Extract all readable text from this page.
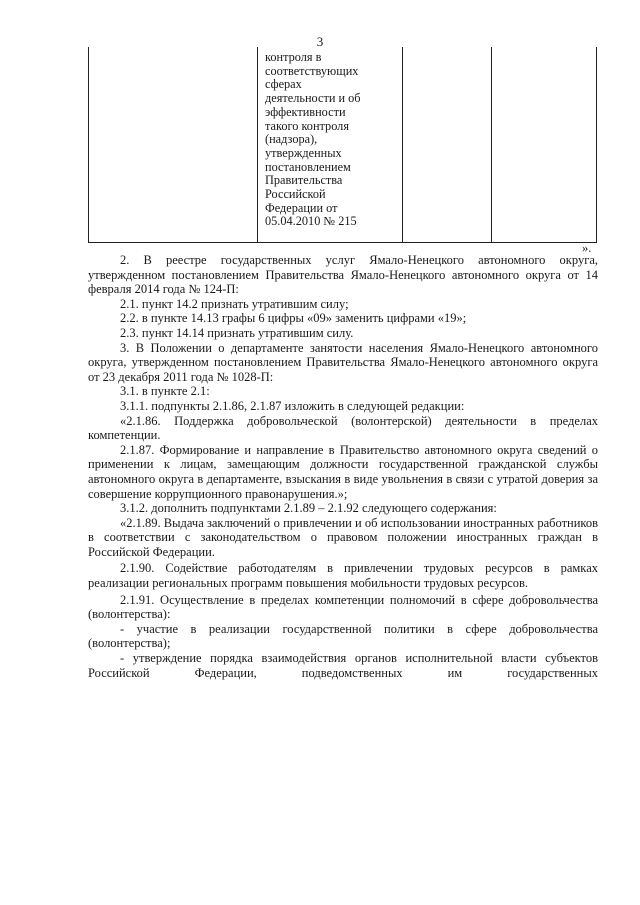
3
контроля в
соответствующих
сферах
деятельности и об
эффективности
такого контроля
(надзора),
утвержденных
постановлением
Правительства
Российской
Федерации от
05.04.2010 № 215
».

2. В реестре государственных услуг Ямало-Ненецкого автономного округа, утвержденном постановлением Правительства Ямало-Ненецкого автономного округа от 14 февраля 2014 года № 124-П:

2.1. пункт 14.2 признать утратившим силу;

2.2. в пункте 14.13 графы 6 цифры «09» заменить цифрами «19»;

2.3. пункт 14.14 признать утратившим силу.

3. В Положении о департаменте занятости населения Ямало-Ненецкого автономного округа, утвержденном постановлением Правительства Ямало-Ненецкого автономного округа от 23 декабря 2011 года № 1028-П:

3.1. в пункте 2.1:

3.1.1. подпункты 2.1.86, 2.1.87 изложить в следующей редакции:

«2.1.86. Поддержка добровольческой (волонтерской) деятельности в пределах компетенции.

2.1.87. Формирование и направление в Правительство автономного округа сведений о применении к лицам, замещающим должности государственной гражданской службы автономного округа в департаменте, взыскания в виде увольнения в связи с утратой доверия за совершение коррупционного правонарушения.»;

3.1.2. дополнить подпунктами 2.1.89 – 2.1.92 следующего содержания:

«2.1.89. Выдача заключений о привлечении и об использовании иностранных работников в соответствии с законодательством о правовом положении иностранных граждан в Российской Федерации.

2.1.90. Содействие работодателям в привлечении трудовых ресурсов в рамках реализации региональных программ повышения мобильности трудовых ресурсов.

2.1.91. Осуществление в пределах компетенции полномочий в сфере добровольчества (волонтерства):

- участие в реализации государственной политики в сфере добровольчества (волонтерства);

- утверждение порядка взаимодействия органов исполнительной власти субъектов Российской Федерации, подведомственных им государственных
